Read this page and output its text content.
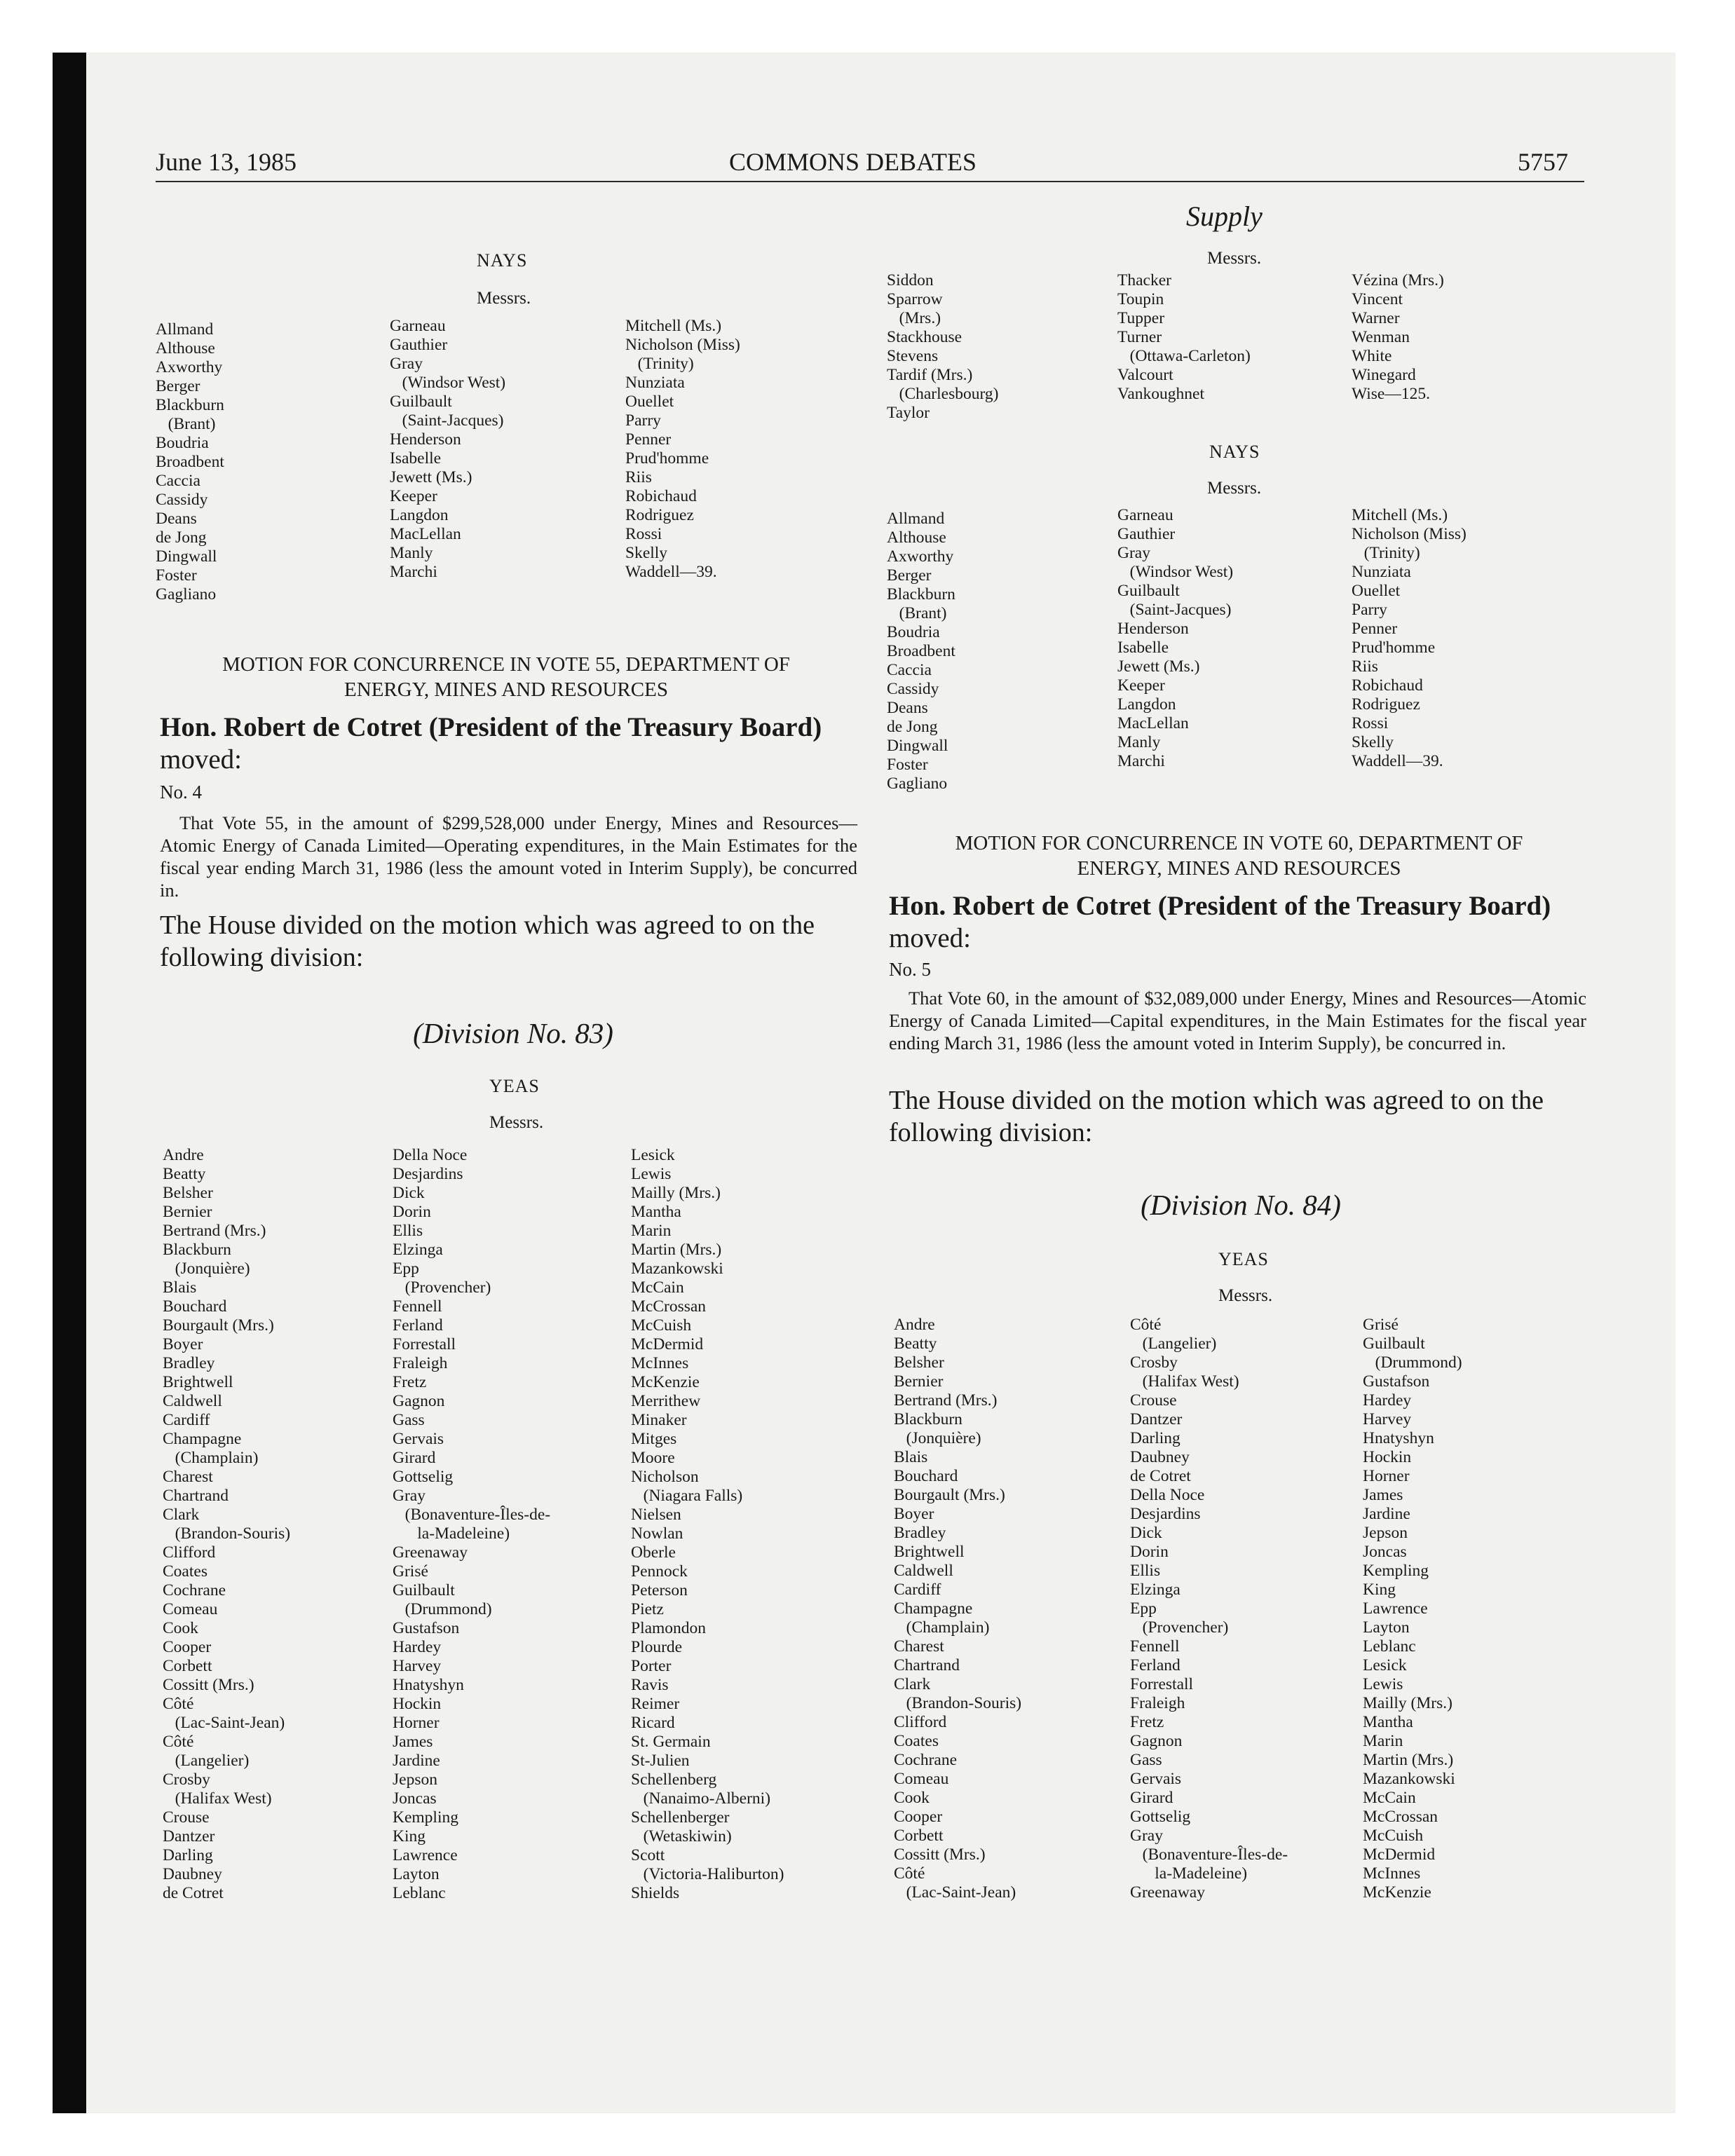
June 13, 1985	COMMONS DEBATES	5757
Supply
NAYS
Messrs.
Allmand
Althouse
Axworthy
Berger
Blackburn
(Brant)
Boudria
Broadbent
Caccia
Cassidy
Deans
de Jong
Dingwall
Foster
Gagliano
Garneau
Gauthier
Gray
(Windsor West)
Guilbault
(Saint-Jacques)
Henderson
Isabelle
Jewett (Ms.)
Keeper
Langdon
MacLellan
Manly
Marchi
Mitchell (Ms.)
Nicholson (Miss)
(Trinity)
Nunziata
Ouellet
Parry
Penner
Prud'homme
Riis
Robichaud
Rodriguez
Rossi
Skelly
Waddell—39.
MOTION FOR CONCURRENCE IN VOTE 55, DEPARTMENT OF
ENERGY, MINES AND RESOURCES
Hon. Robert de Cotret (President of the Treasury Board)
moved:
No. 4
That Vote 55, in the amount of $299,528,000 under Energy, Mines and Resources—Atomic Energy of Canada Limited—Operating expenditures, in the Main Estimates for the fiscal year ending March 31, 1986 (less the amount voted in Interim Supply), be concurred in.
The House divided on the motion which was agreed to on the following division:
(Division No. 83)
YEAS
Messrs.
Andre
Beatty
Belsher
Bernier
Bertrand (Mrs.)
Blackburn
(Jonquière)
Blais
Bouchard
Bourgault (Mrs.)
Boyer
Bradley
Brightwell
Caldwell
Cardiff
Champagne
(Champlain)
Charest
Chartrand
Clark
(Brandon-Souris)
Clifford
Coates
Cochrane
Comeau
Cook
Cooper
Corbett
Cossitt (Mrs.)
Côté
(Lac-Saint-Jean)
Côté
(Langelier)
Crosby
(Halifax West)
Crouse
Dantzer
Darling
Daubney
de Cotret
Della Noce
Desjardins
Dick
Dorin
Ellis
Elzinga
Epp
(Provencher)
Fennell
Ferland
Forrestall
Fraleigh
Fretz
Gagnon
Gass
Gervais
Girard
Gottselig
Gray
(Bonaventure-Îles-de-
la-Madeleine)
Greenaway
Grisé
Guilbault
(Drummond)
Gustafson
Hardey
Harvey
Hnatyshyn
Hockin
Horner
James
Jardine
Jepson
Joncas
Kempling
King
Lawrence
Layton
Leblanc
Lesick
Lewis
Mailly (Mrs.)
Mantha
Marin
Martin (Mrs.)
Mazankowski
McCain
McCrossan
McCuish
McDermid
McInnes
McKenzie
Merrithew
Minaker
Mitges
Moore
Nicholson
(Niagara Falls)
Nielsen
Nowlan
Oberle
Pennock
Peterson
Pietz
Plamondon
Plourde
Porter
Ravis
Reimer
Ricard
St. Germain
St-Julien
Schellenberg
(Nanaimo-Alberni)
Schellenberger
(Wetaskiwin)
Scott
(Victoria-Haliburton)
Shields
Messrs.
Siddon
Sparrow
(Mrs.)
Stackhouse
Stevens
Tardif (Mrs.)
(Charlesbourg)
Taylor
Thacker
Toupin
Tupper
Turner
(Ottawa-Carleton)
Valcourt
Vankoughnet
Vézina (Mrs.)
Vincent
Warner
Wenman
White
Winegard
Wise—125.
NAYS
Messrs.
Allmand
Althouse
Axworthy
Berger
Blackburn
(Brant)
Boudria
Broadbent
Caccia
Cassidy
Deans
de Jong
Dingwall
Foster
Gagliano
Garneau
Gauthier
Gray
(Windsor West)
Guilbault
(Saint-Jacques)
Henderson
Isabelle
Jewett (Ms.)
Keeper
Langdon
MacLellan
Manly
Marchi
Mitchell (Ms.)
Nicholson (Miss)
(Trinity)
Nunziata
Ouellet
Parry
Penner
Prud'homme
Riis
Robichaud
Rodriguez
Rossi
Skelly
Waddell—39.
MOTION FOR CONCURRENCE IN VOTE 60, DEPARTMENT OF
ENERGY, MINES AND RESOURCES
Hon. Robert de Cotret (President of the Treasury Board)
moved:
No. 5
That Vote 60, in the amount of $32,089,000 under Energy, Mines and Resources—Atomic Energy of Canada Limited—Capital expenditures, in the Main Estimates for the fiscal year ending March 31, 1986 (less the amount voted in Interim Supply), be concurred in.
The House divided on the motion which was agreed to on the following division:
(Division No. 84)
YEAS
Messrs.
Andre
Beatty
Belsher
Bernier
Bertrand (Mrs.)
Blackburn
(Jonquière)
Blais
Bouchard
Bourgault (Mrs.)
Boyer
Bradley
Brightwell
Caldwell
Cardiff
Champagne
(Champlain)
Charest
Chartrand
Clark
(Brandon-Souris)
Clifford
Coates
Cochrane
Comeau
Cook
Cooper
Corbett
Cossitt (Mrs.)
Côté
(Lac-Saint-Jean)
Côté
(Langelier)
Crosby
(Halifax West)
Crouse
Dantzer
Darling
Daubney
de Cotret
Della Noce
Desjardins
Dick
Dorin
Ellis
Elzinga
Epp
(Provencher)
Fennell
Ferland
Forrestall
Fraleigh
Fretz
Gagnon
Gass
Gervais
Girard
Gottselig
Gray
(Bonaventure-Îles-de-
la-Madeleine)
Greenaway
Grisé
Guilbault
(Drummond)
Gustafson
Hardey
Harvey
Hnatyshyn
Hockin
Horner
James
Jardine
Jepson
Joncas
Kempling
King
Lawrence
Layton
Leblanc
Lesick
Lewis
Mailly (Mrs.)
Mantha
Marin
Martin (Mrs.)
Mazankowski
McCain
McCrossan
McCuish
McDermid
McInnes
McKenzie
